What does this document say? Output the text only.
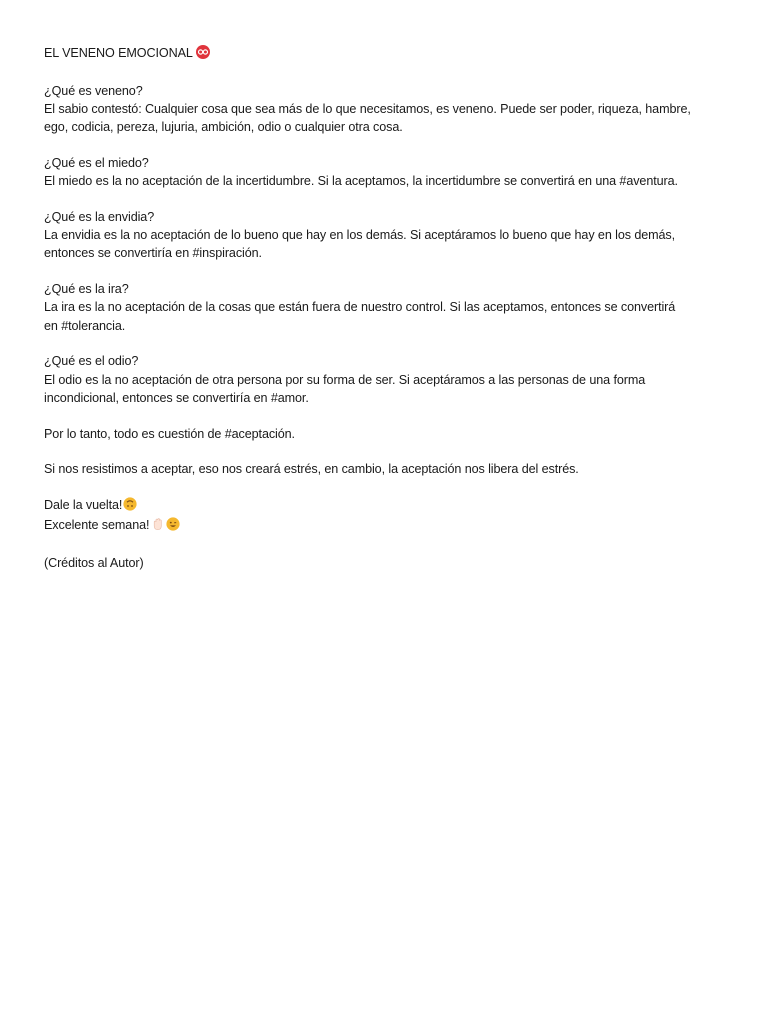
EL VENENO EMOCIONAL
¿Qué es veneno?
El sabio contestó: Cualquier cosa que sea más de lo que necesitamos, es veneno. Puede ser poder, riqueza, hambre,
ego, codicia, pereza, lujuria, ambición, odio o cualquier otra cosa.
¿Qué es el miedo?
El miedo es la no aceptación de la incertidumbre. Si la aceptamos, la incertidumbre se convertirá en una #aventura.
¿Qué es la envidia?
La envidia es la no aceptación de lo bueno que hay en los demás. Si aceptáramos lo bueno que hay en los demás,
entonces se convertiría en #inspiración.
¿Qué es la ira?
La ira es la no aceptación de la cosas que están fuera de nuestro control. Si las aceptamos, entonces se convertirá
en #tolerancia.
¿Qué es el odio?
El odio es la no aceptación de otra persona por su forma de ser. Si aceptáramos a las personas de una forma
incondicional, entonces se convertiría en #amor.
Por lo tanto, todo es cuestión de #aceptación.
Si nos resistimos a aceptar, eso nos creará estrés, en cambio, la aceptación nos libera del estrés.
Dale la vuelta!
Excelente semana!
(Créditos al Autor)
